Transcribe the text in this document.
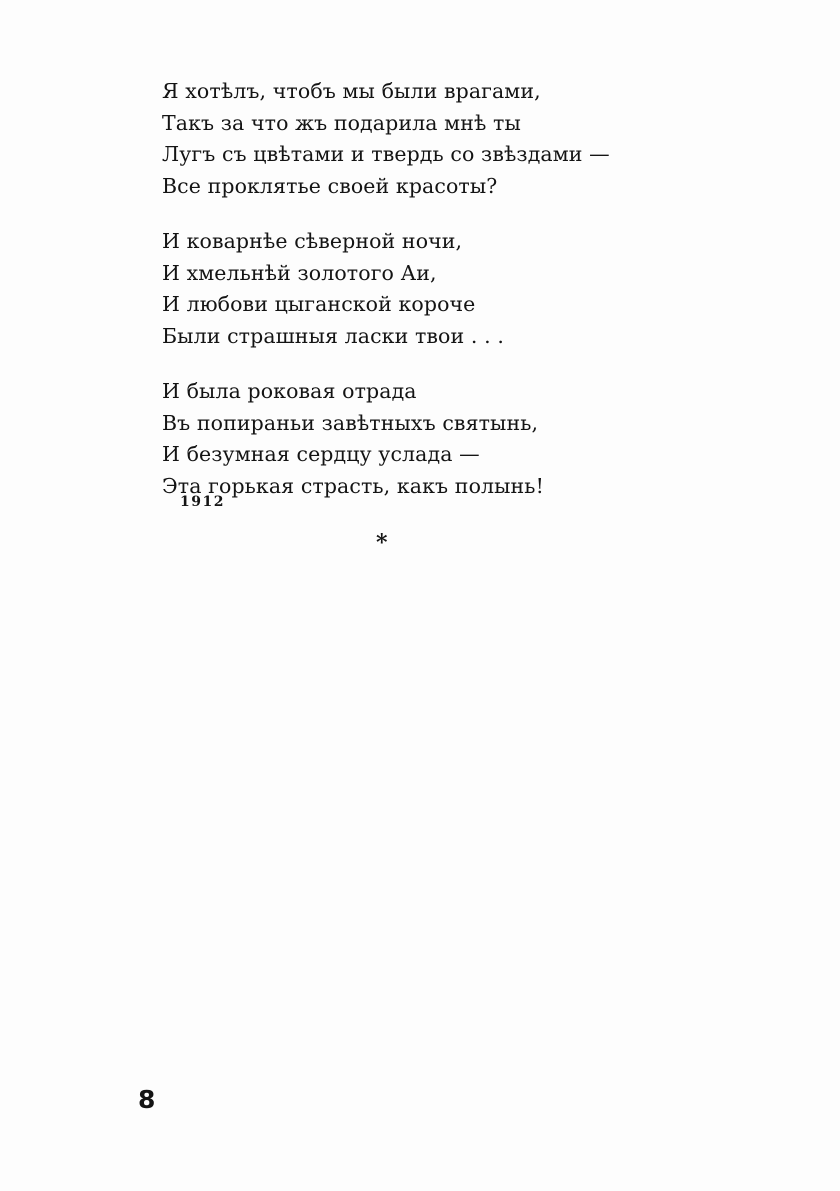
Я хотѣлъ, чтобъ мы были врагами,
Такъ за что жъ подарила мнѣ ты
Лугъ съ цвѣтами и твердь со звѣздами —
Все проклятье своей красоты?
И коварнѣе сѣверной ночи,
И хмельнѣй золотого Аи,
И любови цыганской короче
Были страшныя ласки твои . . .
И была роковая отрада
Въ попираньи завѣтныхъ святынь,
И безумная сердцу услада —
Эта горькая страсть, какъ полынь!
1912
*
8
